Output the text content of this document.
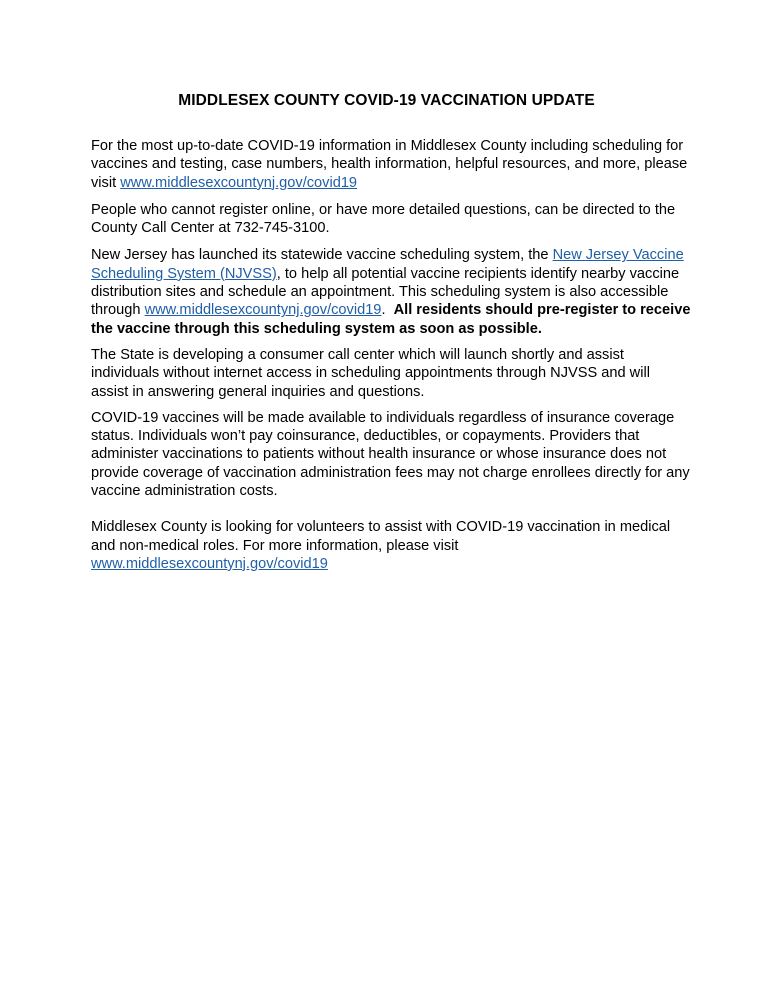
MIDDLESEX COUNTY COVID-19 VACCINATION UPDATE

For the most up-to-date COVID-19 information in Middlesex County including scheduling for vaccines and testing, case numbers, health information, helpful resources, and more, please visit www.middlesexcountynj.gov/covid19

People who cannot register online, or have more detailed questions, can be directed to the County Call Center at 732-745-3100.

New Jersey has launched its statewide vaccine scheduling system, the New Jersey Vaccine Scheduling System (NJVSS), to help all potential vaccine recipients identify nearby vaccine distribution sites and schedule an appointment. This scheduling system is also accessible through www.middlesexcountynj.gov/covid19.  All residents should pre-register to receive the vaccine through this scheduling system as soon as possible.

The State is developing a consumer call center which will launch shortly and assist individuals without internet access in scheduling appointments through NJVSS and will assist in answering general inquiries and questions.

COVID-19 vaccines will be made available to individuals regardless of insurance coverage status. Individuals won’t pay coinsurance, deductibles, or copayments. Providers that administer vaccinations to patients without health insurance or whose insurance does not provide coverage of vaccination administration fees may not charge enrollees directly for any vaccine administration costs.

Middlesex County is looking for volunteers to assist with COVID-19 vaccination in medical and non-medical roles. For more information, please visit www.middlesexcountynj.gov/covid19
